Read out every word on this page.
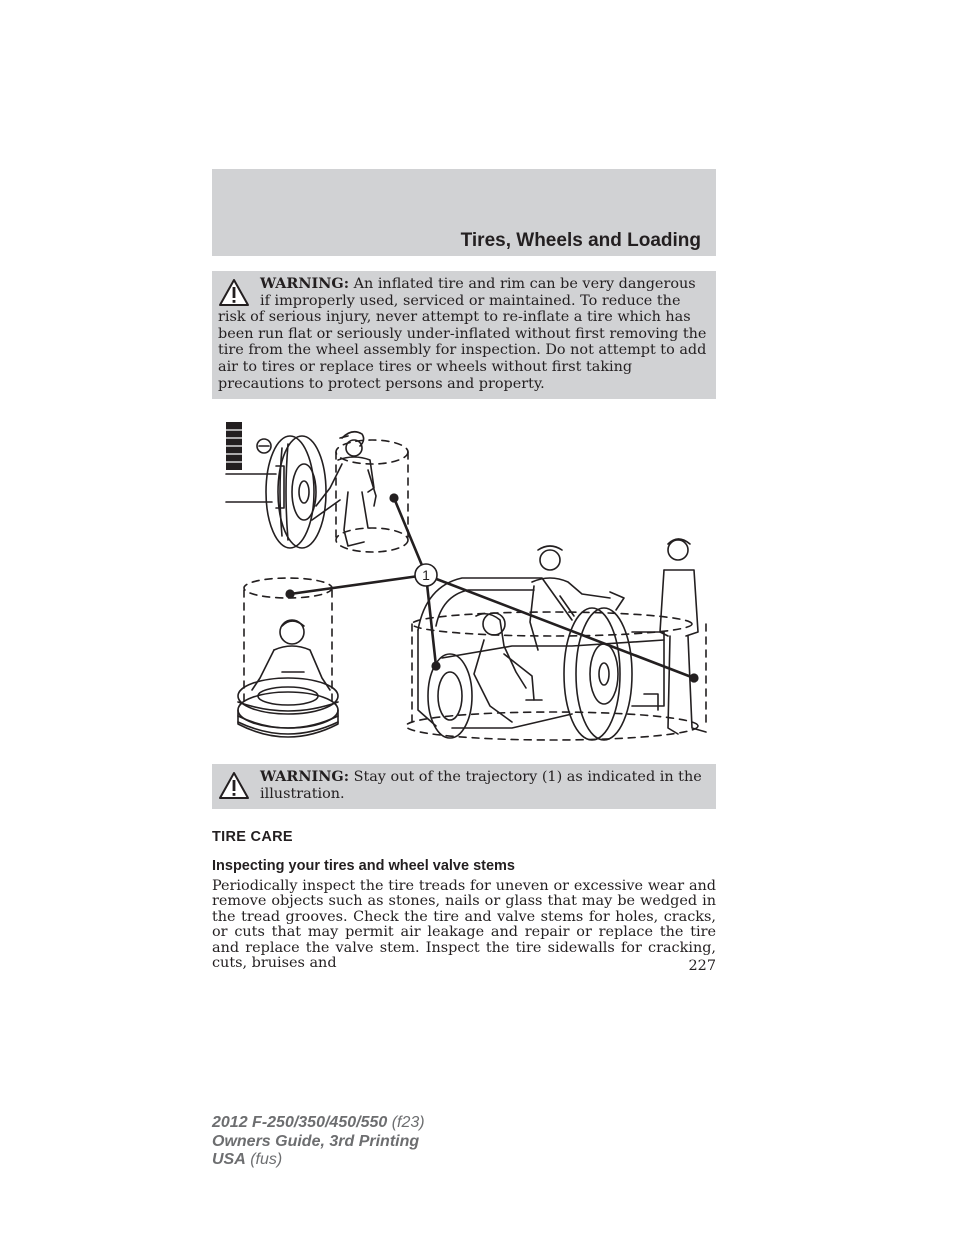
Tires, Wheels and Loading
WARNING: An inflated tire and rim can be very dangerous if improperly used, serviced or maintained. To reduce the risk of serious injury, never attempt to re-inflate a tire which has been run flat or seriously under-inflated without first removing the tire from the wheel assembly for inspection. Do not attempt to add air to tires or replace tires or wheels without first taking precautions to protect persons and property.
1
WARNING: Stay out of the trajectory (1) as indicated in the illustration.
TIRE CARE
Inspecting your tires and wheel valve stems

Periodically inspect the tire treads for uneven or excessive wear and remove objects such as stones, nails or glass that may be wedged in the tread grooves. Check the tire and valve stems for holes, cracks, or cuts that may permit air leakage and repair or replace the tire and replace the valve stem. Inspect the tire sidewalls for cracking, cuts, bruises and	227
2012 F-250/350/450/550 (f23)
Owners Guide, 3rd Printing
USA (fus)
